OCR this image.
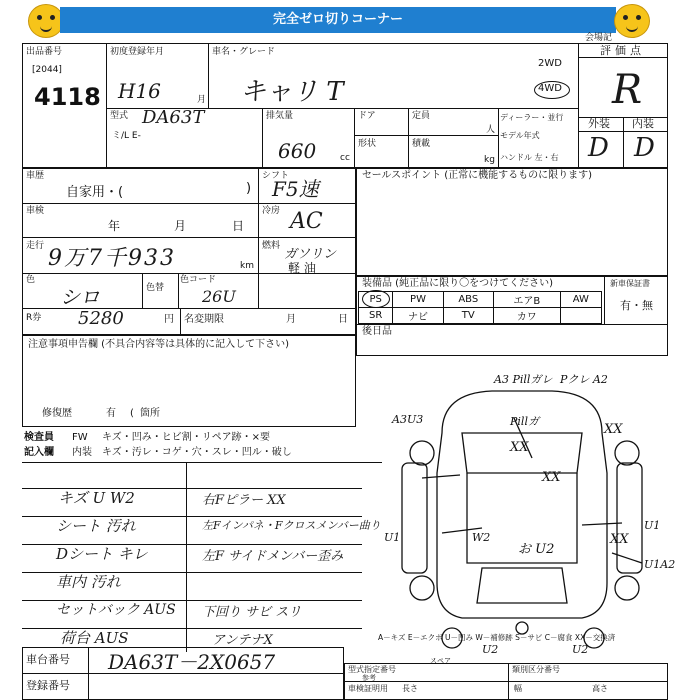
完全ゼロ切りコーナー
会場記
出品番号
[2044]
4118
初度登録年月
H16	月
車名・グレード
キャリ T
2WD
4WD
評価点
R
外装 内装
D D
型式 DA63T
ミ/L E-
排気量
660	cc
ドア
形状
定員
人
積載
kg
ディーラー・並行
モデル年式
ハンドル 左・右
車歴
自家用・(	)
シフト
F5速
車検
年	月	日
冷房 AC
走行 9万7千933	km
燃料
ガソリン
軽 油
色
シロ	色替
色コード
26U
R券 5280	円 名変期限	月	日
セールスポイント (正常に機能するものに限ります)
装備品 (純正品に限り〇をつけてください)	新車保証書
有・無
PS	PW	ABS	エアB	AW
SR	ナビ	TV	カワ	
後日品
注意事項申告欄 (不具合内容等は具体的に記入して下さい)
修復歴	有 ( 箇所
検査員 FW キズ・凹み・ヒビ割・リペア跡・×要
記入欄 内装 キズ・汚レ・コゲ・穴・スレ・凹ル・破し
キズ U W2	右Fピラー XX
シート 汚れ	左Fインパネ・Fクロスメンバー曲り
Dシート キレ	左F サイドメンバー歪み
車内 汚れ
セットバック AUS 下回り サビ スリ
荷台 AUS	アンテナX
A3 Pillガレ Pクレ A2
A3U3	Pillガ
XX
XX
XX
U1	W2
お U2
XX
U1
U1A2
U2	U2
スペア
A－キズ E－エクボ U－凹み W－補修跡 S－サビ C－腐食 XX－交換済
車台番号 DA63T－2X0657
登録番号
型式指定番号
参考
類別区分番号
車検証明用 長さ	幅	高さ
